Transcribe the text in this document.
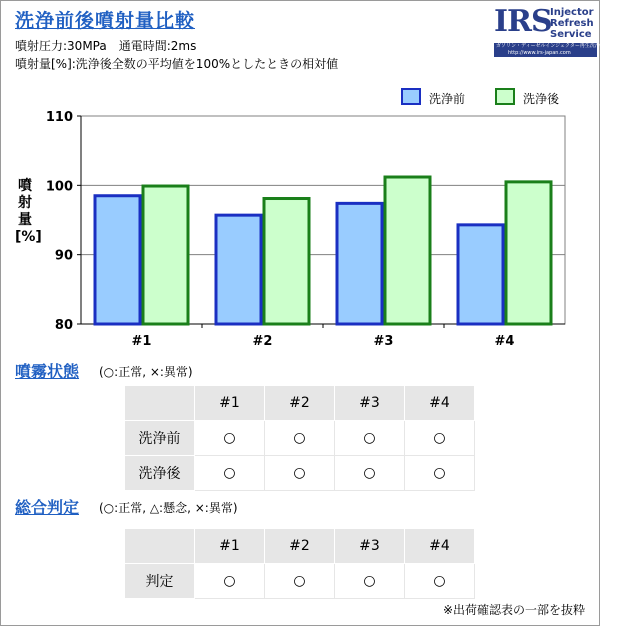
洗浄前後噴射量比較
噴射圧力:30MPa　通電時間:2ms
噴射量[%]:洗浄後全数の平均値を100%としたときの相対値
IRS
Injector
Refresh
Service
ガソリン・ディーゼルインジェクター再生洗浄サービス
http://www.irs-japan.com
洗浄前	洗浄後
噴射量[%]
80
90
100
110
#1	#2	#3	#4
噴霧状態 (○:正常, ×:異常)
	#1	#2	#3	#4
洗浄前	○	○	○	○
洗浄後	○	○	○	○
総合判定 (○:正常, △:懸念, ×:異常)
	#1	#2	#3	#4
判定	○	○	○	○
※出荷確認表の一部を抜粋
